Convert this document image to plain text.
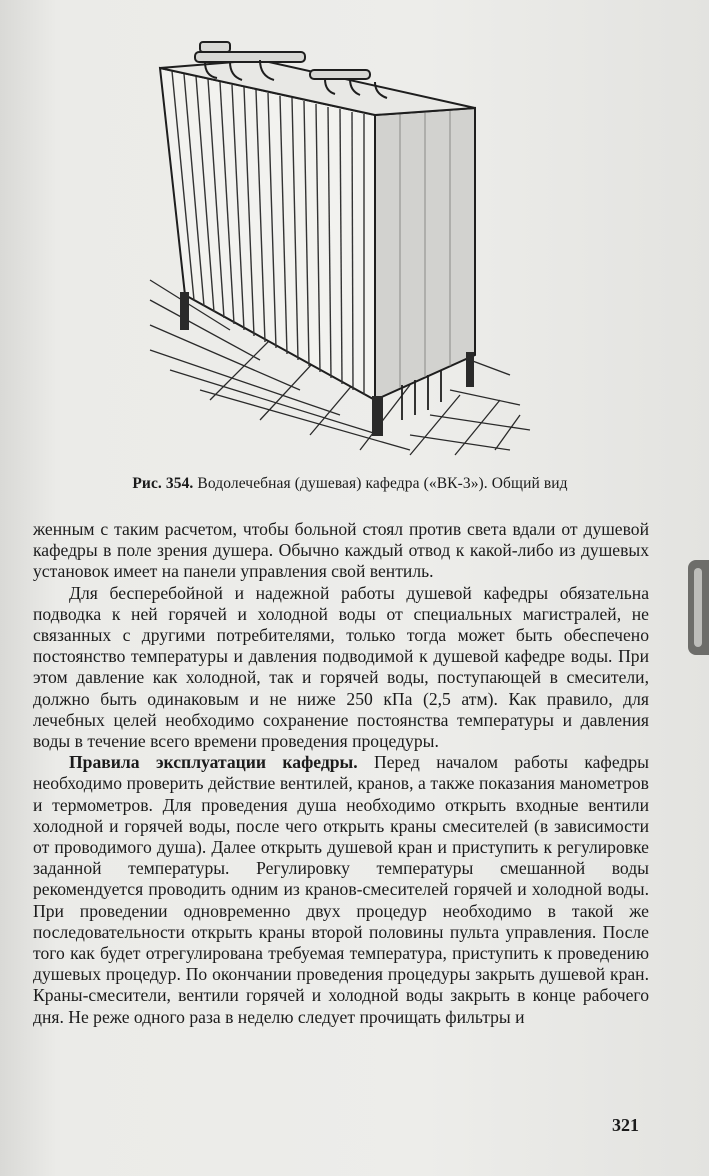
Рис. 354. Водолечебная (душевая) кафедра («ВК-3»). Общий вид

женным с таким расчетом, чтобы больной стоял против света вдали от душевой кафедры в поле зрения душера. Обычно каждый отвод к какой-либо из душевых установок имеет на панели управления свой вентиль.

Для бесперебойной и надежной работы душевой кафедры обязательна подводка к ней горячей и холодной воды от специальных магистралей, не связанных с другими потребителями, только тогда может быть обеспечено постоянство температуры и давления подводимой к душевой кафедре воды. При этом давление как холодной, так и горячей воды, поступающей в смесители, должно быть одинаковым и не ниже 250 кПа (2,5 атм). Как правило, для лечебных целей необходимо сохранение постоянства температуры и давления воды в течение всего времени проведения процедуры.

Правила эксплуатации кафедры. Перед началом работы кафедры необходимо проверить действие вентилей, кранов, а также показания манометров и термометров. Для проведения душа необходимо открыть входные вентили холодной и горячей воды, после чего открыть краны смесителей (в зависимости от проводимого душа). Далее открыть душевой кран и приступить к регулировке заданной температуры. Регулировку температуры смешанной воды рекомендуется проводить одним из кранов-смесителей горячей и холодной воды. При проведении одновременно двух процедур необходимо в такой же последовательности открыть краны второй половины пульта управления. После того как будет отрегулирована требуемая температура, приступить к проведению душевых процедур. По окончании проведения процедуры закрыть душевой кран. Краны-смесители, вентили горячей и холодной воды закрыть в конце рабочего дня. Не реже одного раза в неделю следует прочищать фильтры и

321
